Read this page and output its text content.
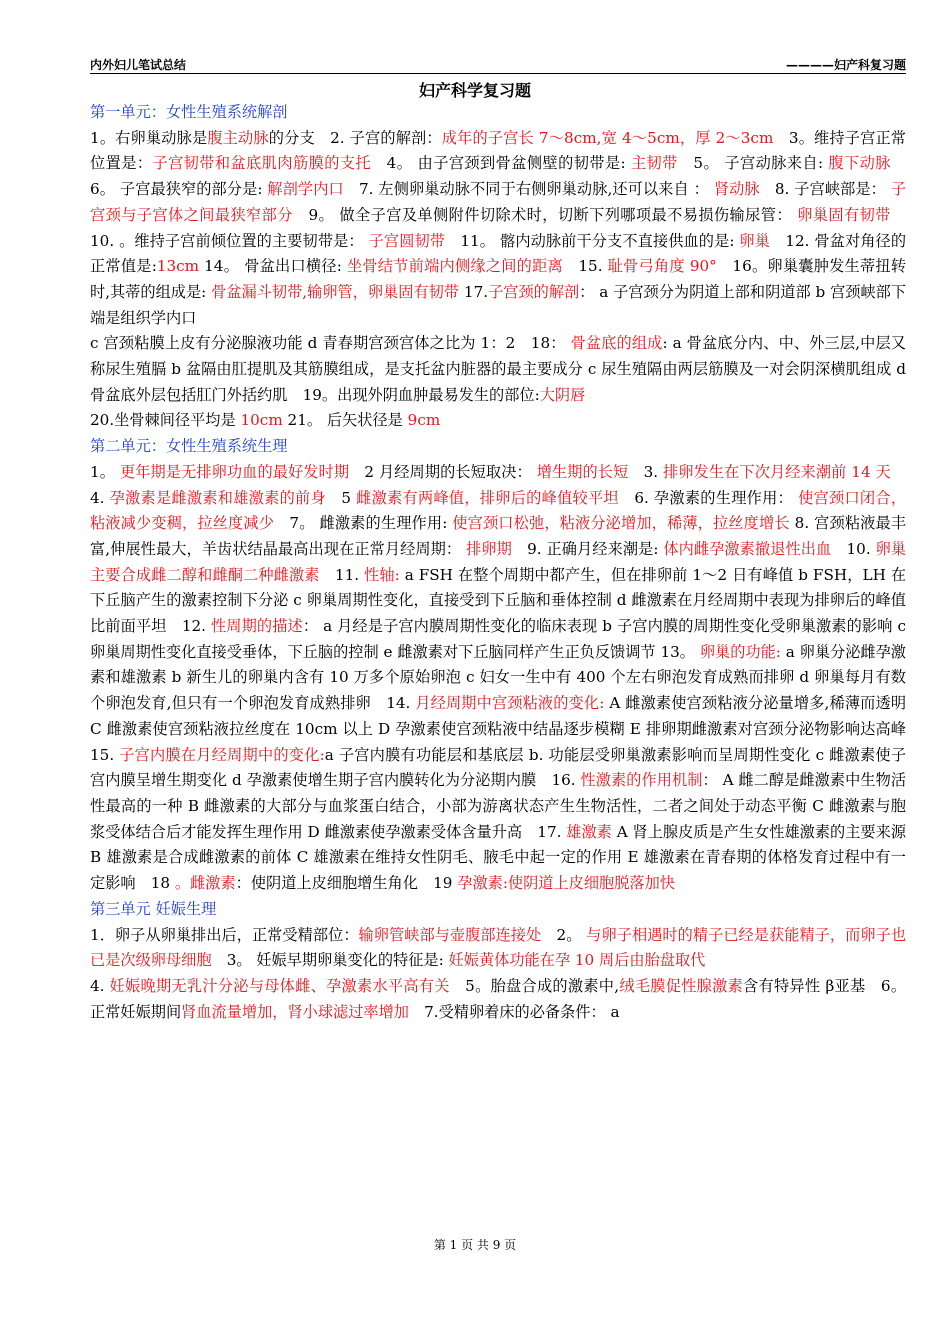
内外妇儿笔试总结	————妇产科复习题
妇产科学复习题

第一单元：女性生殖系统解剖

1。右卵巢动脉是腹主动脉的分支　2. 子宫的解剖：成年的子宫长 7～8cm,宽 4～5cm，厚 2～3cm　3。维持子宫正常位置是：子宫韧带和盆底肌肉筋膜的支托　4。 由子宫颈到骨盆侧壁的韧带是: 主韧带　5。 子宫动脉来自: 腹下动脉　6。 子宫最狭窄的部分是: 解剖学内口　7. 左侧卵巢动脉不同于右侧卵巢动脉,还可以来自 ： 肾动脉　8. 子宫峡部是： 子宫颈与子宫体之间最狭窄部分　9。 做全子宫及单侧附件切除术时，切断下列哪项最不易损伤输尿管： 卵巢固有韧带　10. 。维持子宫前倾位置的主要韧带是： 子宫圆韧带　11。 髂内动脉前干分支不直接供血的是: 卵巢　12. 骨盆对角径的正常值是:13cm 14。 骨盆出口横径: 坐骨结节前端内侧缘之间的距离　15. 耻骨弓角度 90°　16。卵巢囊肿发生蒂扭转时,其蒂的组成是: 骨盆漏斗韧带,输卵管，卵巢固有韧带 17.子宫颈的解剖： a 子宫颈分为阴道上部和阴道部 b 宫颈峡部下端是组织学内口

c 宫颈粘膜上皮有分泌腺液功能 d 青春期宫颈宫体之比为 1：2　18： 骨盆底的组成: a 骨盆底分内、中、外三层,中层又称尿生殖膈 b 盆隔由肛提肌及其筋膜组成，是支托盆内脏器的最主要成分 c 尿生殖隔由两层筋膜及一对会阴深横肌组成 d 骨盆底外层包括肛门外括约肌　19。出现外阴血肿最易发生的部位:大阴唇

20.坐骨棘间径平均是 10cm 21。 后矢状径是 9cm

第二单元：女性生殖系统生理

1。 更年期是无排卵功血的最好发时期　2 月经周期的长短取决： 增生期的长短　3. 排卵发生在下次月经来潮前 14 天　4. 孕激素是雌激素和雄激素的前身　5 雌激素有两峰值，排卵后的峰值较平坦　6. 孕激素的生理作用： 使宫颈口闭合，粘液减少变稠，拉丝度减少　7。 雌激素的生理作用: 使宫颈口松弛，粘液分泌增加，稀薄，拉丝度增长 8. 宫颈粘液最丰富,伸展性最大，羊齿状结晶最高出现在正常月经周期： 排卵期　9. 正确月经来潮是: 体内雌孕激素撤退性出血　10. 卵巢主要合成雌二醇和雌酮二种雌激素　11. 性轴: a FSH 在整个周期中都产生，但在排卵前 1～2 日有峰值 b FSH，LH 在下丘脑产生的激素控制下分泌 c 卵巢周期性变化，直接受到下丘脑和垂体控制 d 雌激素在月经周期中表现为排卵后的峰值比前面平坦　12. 性周期的描述： a 月经是子宫内膜周期性变化的临床表现 b 子宫内膜的周期性变化受卵巢激素的影响 c 卵巢周期性变化直接受垂体，下丘脑的控制 e 雌激素对下丘脑同样产生正负反馈调节 13。 卵巢的功能: a 卵巢分泌雌孕激素和雄激素 b 新生儿的卵巢内含有 10 万多个原始卵泡 c 妇女一生中有 400 个左右卵泡发育成熟而排卵 d 卵巢每月有数个卵泡发育,但只有一个卵泡发育成熟排卵　14. 月经周期中宫颈粘液的变化: A 雌激素使宫颈粘液分泌量增多,稀薄而透明 C 雌激素使宫颈粘液拉丝度在 10cm 以上 D 孕激素使宫颈粘液中结晶逐步模糊 E 排卵期雌激素对宫颈分泌物影响达高峰　15. 子宫内膜在月经周期中的变化:a 子宫内膜有功能层和基底层 b. 功能层受卵巢激素影响而呈周期性变化 c 雌激素使子宫内膜呈增生期变化 d 孕激素使增生期子宫内膜转化为分泌期内膜　16. 性激素的作用机制： A 雌二醇是雌激素中生物活性最高的一种 B 雌激素的大部分与血浆蛋白结合，小部为游离状态产生生物活性，二者之间处于动态平衡 C 雌激素与胞浆受体结合后才能发挥生理作用 D 雌激素使孕激素受体含量升高　17. 雄激素 A 肾上腺皮质是产生女性雄激素的主要来源 B 雄激素是合成雌激素的前体 C 雄激素在维持女性阴毛、腋毛中起一定的作用 E 雄激素在青春期的体格发育过程中有一定影响　18 。雌激素：使阴道上皮细胞增生角化　19 孕激素:使阴道上皮细胞脱落加快

第三单元 妊娠生理

1．卵子从卵巢排出后，正常受精部位：输卵管峡部与壶腹部连接处　2。 与卵子相遇时的精子已经是获能精子，而卵子也已是次级卵母细胞　3。 妊娠早期卵巢变化的特征是: 妊娠黄体功能在孕 10 周后由胎盘取代

4. 妊娠晚期无乳汁分泌与母体雌、孕激素水平高有关　5。胎盘合成的激素中,绒毛膜促性腺激素含有特异性 β亚基　6。正常妊娠期间肾血流量增加，肾小球滤过率增加　7.受精卵着床的必备条件： a

第 1 页 共 9 页
